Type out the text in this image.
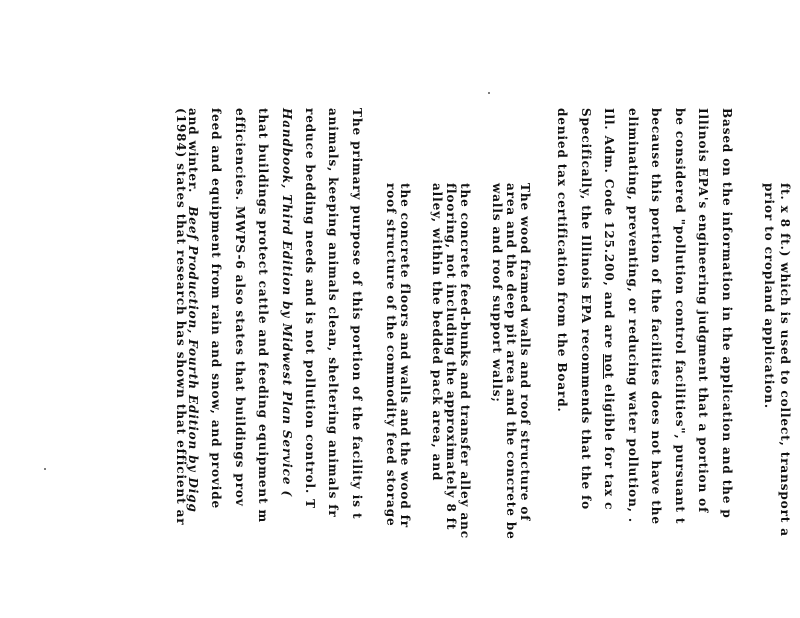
ft. x 8 ft.) which is used to collect, transport a
prior to cropland application.
Based on the information in the application and the p
Illinois EPA's engineering judgment that a portion of
be considered "pollution control facilities", pursuant t
because this portion of the facilities does not have the
eliminating, preventing, or reducing water pollution, .
Ill. Adm. Code 125.200, and are not eligible for tax c
Specifically, the Illinois EPA recommends that the fo
denied tax certification from the Board.
The wood framed walls and roof structure of
area and the deep pit area and the concrete be
walls and roof support walls;
the concrete feed-bunks and transfer alley anc
flooring, not including the approximately 8 ft
alley, within the bedded pack area, and
the concrete floors and walls and the wood fr
roof structure of the commodity feed storage
The primary purpose of this portion of the facility is t
animals, keeping animals clean, sheltering animals fr
reduce bedding needs and is not pollution control. T
Handbook, Third Edition by Midwest Plan Service (
that buildings protect cattle and feeding equipment m
efficiencies. MWPS-6 also states that buildings prov
feed and equipment from rain and snow, and provide
and winter. Beef Production, Fourth Edition by Digg
(1984) states that research has shown that efficient ar
